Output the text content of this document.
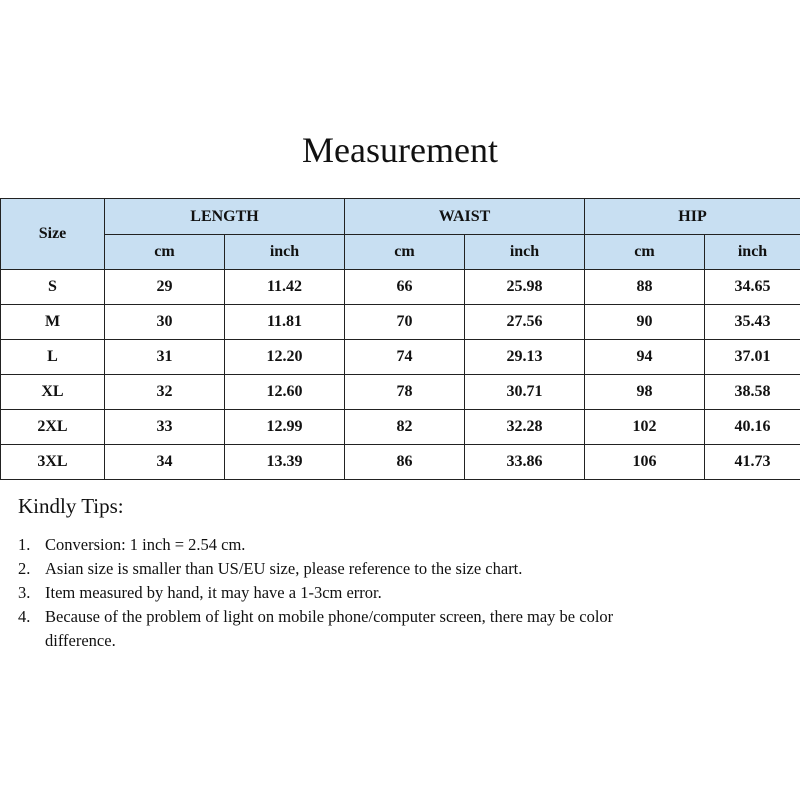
Measurement
Size	LENGTH		WAIST		HIP	
	cm	inch	cm	inch	cm	inch
S	29	11.42	66	25.98	88	34.65
M	30	11.81	70	27.56	90	35.43
L	31	12.20	74	29.13	94	37.01
XL	32	12.60	78	30.71	98	38.58
2XL	33	12.99	82	32.28	102	40.16
3XL	34	13.39	86	33.86	106	41.73
Kindly Tips:
1. Conversion: 1 inch = 2.54 cm.
2. Asian size is smaller than US/EU size, please reference to the size chart.
3. Item measured by hand, it may have a 1-3cm error.
4. Because of the problem of light on mobile phone/computer screen, there may be color difference.
